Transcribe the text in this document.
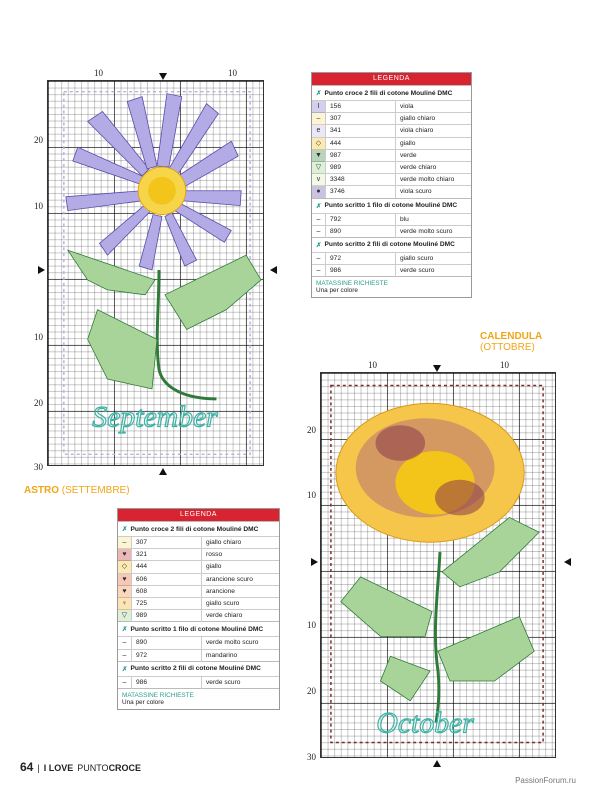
10	10
20
10
10
20
30
September
ASTRO (SETTEMBRE)
LEGENDA
✗ Punto croce 2 fili di cotone Mouliné DMC
I	156	viola
–	307	giallo chiaro
e	341	viola chiaro
◇	444	giallo
▼	987	verde
▽	989	verde chiaro
v	3348	verde molto chiaro
●	3746	viola scuro
✗ Punto scritto 1 filo di cotone Mouliné DMC
–	792	blu
–	890	verde molto scuro
✗ Punto scritto 2 fili di cotone Mouliné DMC
–	972	giallo scuro
–	986	verde scuro
MATASSINE RICHIESTE
Una per colore
CALENDULA
(OTTOBRE)
10	10
20
10
10
20
30
October
LEGENDA
✗ Punto croce 2 fili di cotone Mouliné DMC
–	307	giallo chiaro
♥	321	rosso
◇	444	giallo
♥	606	arancione scuro
♥	608	arancione
♀	725	giallo scuro
▽	989	verde chiaro
✗ Punto scritto 1 filo di cotone Mouliné DMC
–	890	verde molto scuro
–	972	mandarino
✗ Punto scritto 2 fili di cotone Mouliné DMC
–	986	verde scuro
MATASSINE RICHIESTE
Una per colore
64 | I LOVE PUNTOCROCE
PassionForum.ru
